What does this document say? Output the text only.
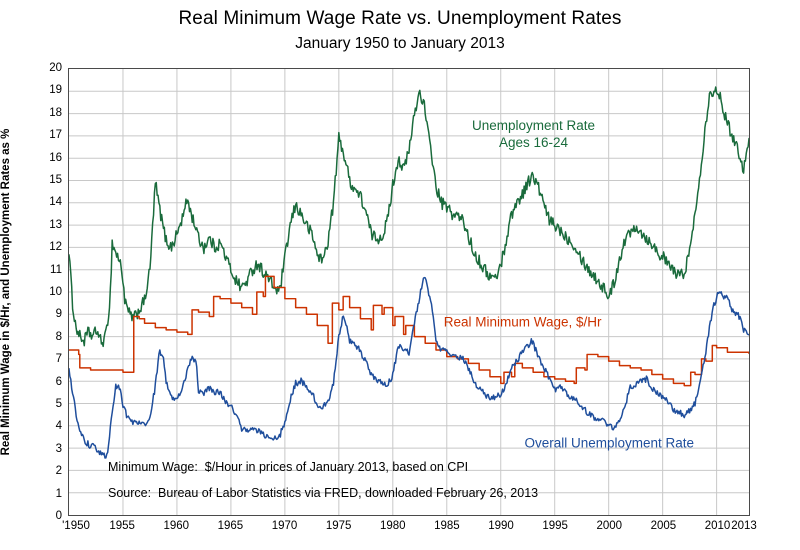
Real Minimum Wage Rate vs. Unemployment Rates
January 1950 to January 2013
Real Minimum Wage in $/Hr, and Unemployment Rates as %
0
1
2
3
4
5
6
7
8
9
10
11
12
13
14
15
16
17
18
19
20
'1950 1955 1960 1965 1970 1975 1980 1985 1990 1995 2000 2005 2010 2013
Unemployment Rate
Ages 16-24
Real Minimum Wage, $/Hr
Overall Unemployment Rate
Minimum Wage:  $/Hour in prices of January 2013, based on CPI
Source:  Bureau of Labor Statistics via FRED, downloaded February 26, 2013
